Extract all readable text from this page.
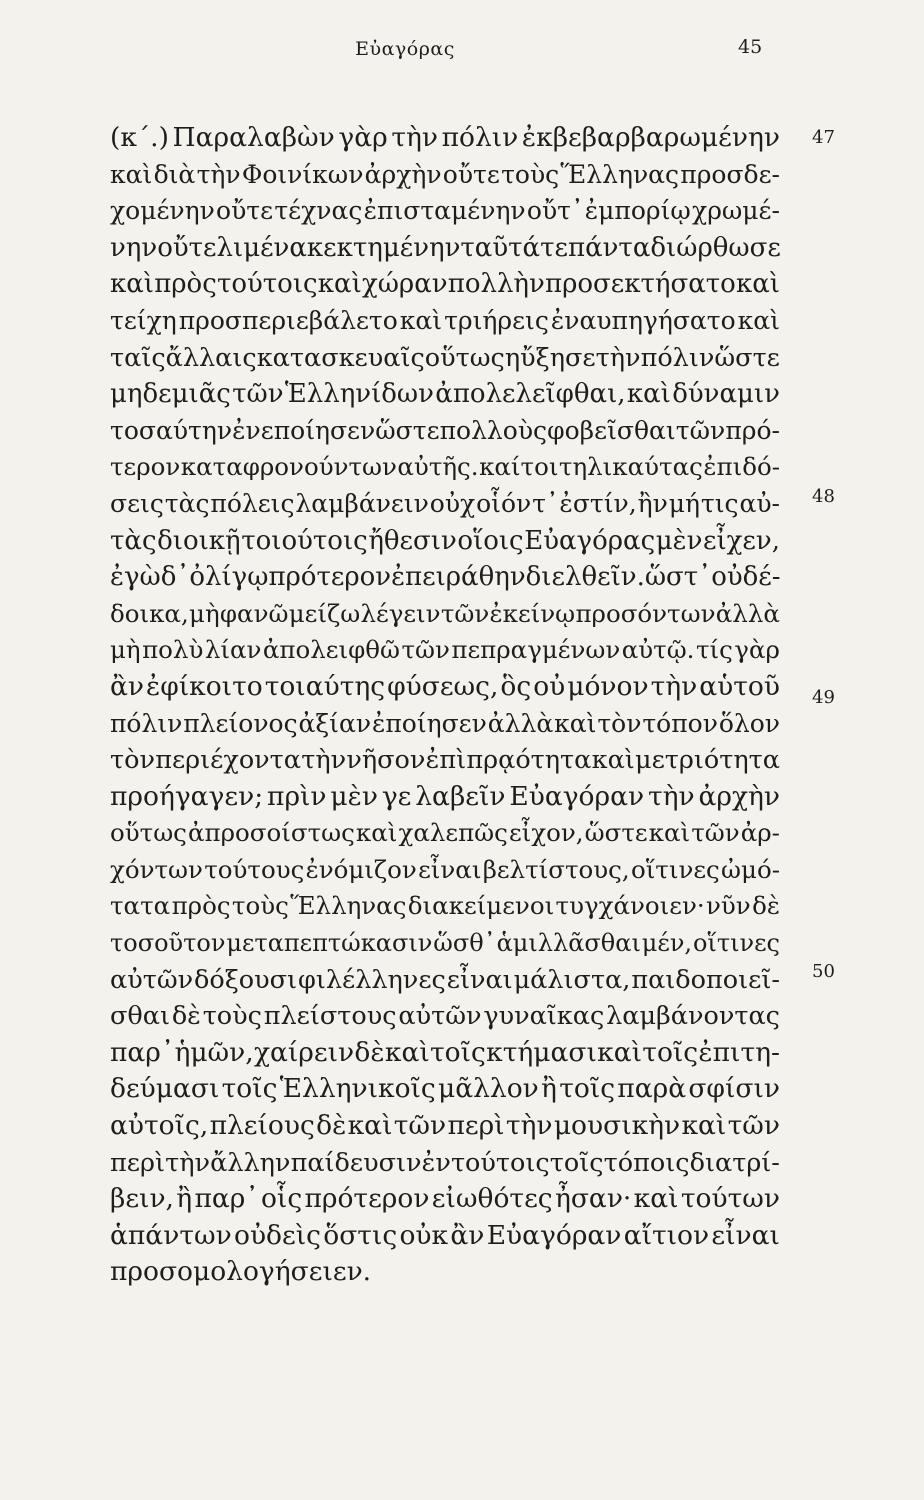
Εὐαγόρας	45
47
48
49
50
(κ΄.) Παραλαβὼν γὰρ τὴν πόλιν ἐκβεβαρβαρωμένην
καὶ διὰ τὴν Φοινίκων ἀρχὴν οὔτε τοὺς Ἕλληνας προσδε-
χομένην οὔτε τέχνας ἐπισταμένην οὔτ᾽ ἐμπορίῳ χρωμέ-
νην οὔτε λιμένα κεκτημένην ταῦτά τε πάντα διώρθωσε
καὶ πρὸς τούτοις καὶ χώραν πολλὴν προσεκτήσατο καὶ
τείχη προσπεριεβάλετο καὶ τριήρεις ἐναυπηγήσατο καὶ
ταῖς ἄλλαις κατασκευαῖς οὕτως ηὔξησε τὴν πόλιν ὥστε
μηδεμιᾶς τῶν Ἑλληνίδων ἀπολελεῖφθαι, καὶ δύναμιν
τοσαύτην ἐνεποίησεν ὥστε πολλοὺς φοβεῖσθαι τῶν πρό-
τερον καταφρονούντων αὐτῆς. καίτοι τηλικαύτας ἐπιδό-
σεις τὰς πόλεις λαμβάνειν οὐχ οἷόν τ᾽ ἐστίν, ἢν μή τις αὐ-
τὰς διοικῇ τοιούτοις ἤθεσιν οἵοις Εὐαγόρας μὲν εἶχεν,
ἐγὼ δ᾽ ὀλίγῳ πρότερον ἐπειράθην διελθεῖν. ὥστ᾽ οὐ δέ-
δοικα, μὴ φανῶ μείζω λέγειν τῶν ἐκείνῳ προσόντων ἀλλὰ
μὴ πολὺ λίαν ἀπολειφθῶ τῶν πεπραγμένων αὐτῷ. τίς γὰρ
ἂν ἐφίκοιτο τοιαύτης φύσεως, ὃς οὐ μόνον τὴν αὑτοῦ
πόλιν πλείονος ἀξίαν ἐποίησεν ἀλλὰ καὶ τὸν τόπον ὅλον
τὸν περιέχοντα τὴν νῆσον ἐπὶ πρᾳότητα καὶ μετριότητα
προήγαγεν; πρὶν μὲν γε λαβεῖν Εὐαγόραν τὴν ἀρχὴν
οὕτως ἀπροσοίστως καὶ χαλεπῶς εἶχον, ὥστε καὶ τῶν ἀρ-
χόντων τούτους ἐνόμιζον εἶναι βελτίστους, οἵτινες ὠμό-
τατα πρὸς τοὺς Ἕλληνας διακείμενοι τυγχάνοιεν· νῦν δὲ
τοσοῦτον μεταπεπτώκασιν ὥσθ᾽ ἁμιλλᾶσθαι μέν, οἵτινες
αὐτῶν δόξουσι φιλέλληνες εἶναι μάλιστα, παιδοποιεῖ-
σθαι δὲ τοὺς πλείστους αὐτῶν γυναῖκας λαμβάνοντας
παρ᾽ ἡμῶν, χαίρειν δὲ καὶ τοῖς κτήμασι καὶ τοῖς ἐπιτη-
δεύμασι τοῖς Ἑλληνικοῖς μᾶλλον ἢ τοῖς παρὰ σφίσιν
αὐτοῖς, πλείους δὲ καὶ τῶν περὶ τὴν μουσικὴν καὶ τῶν
περὶ τὴν ἄλλην παίδευσιν ἐν τούτοις τοῖς τόποις διατρί-
βειν, ἢ παρ᾽ οἷς πρότερον εἰωθότες ἦσαν· καὶ τούτων
ἁπάντων οὐδεὶς ὅστις οὐκ ἂν Εὐαγόραν αἴτιον εἶναι
προσομολογήσειεν.
